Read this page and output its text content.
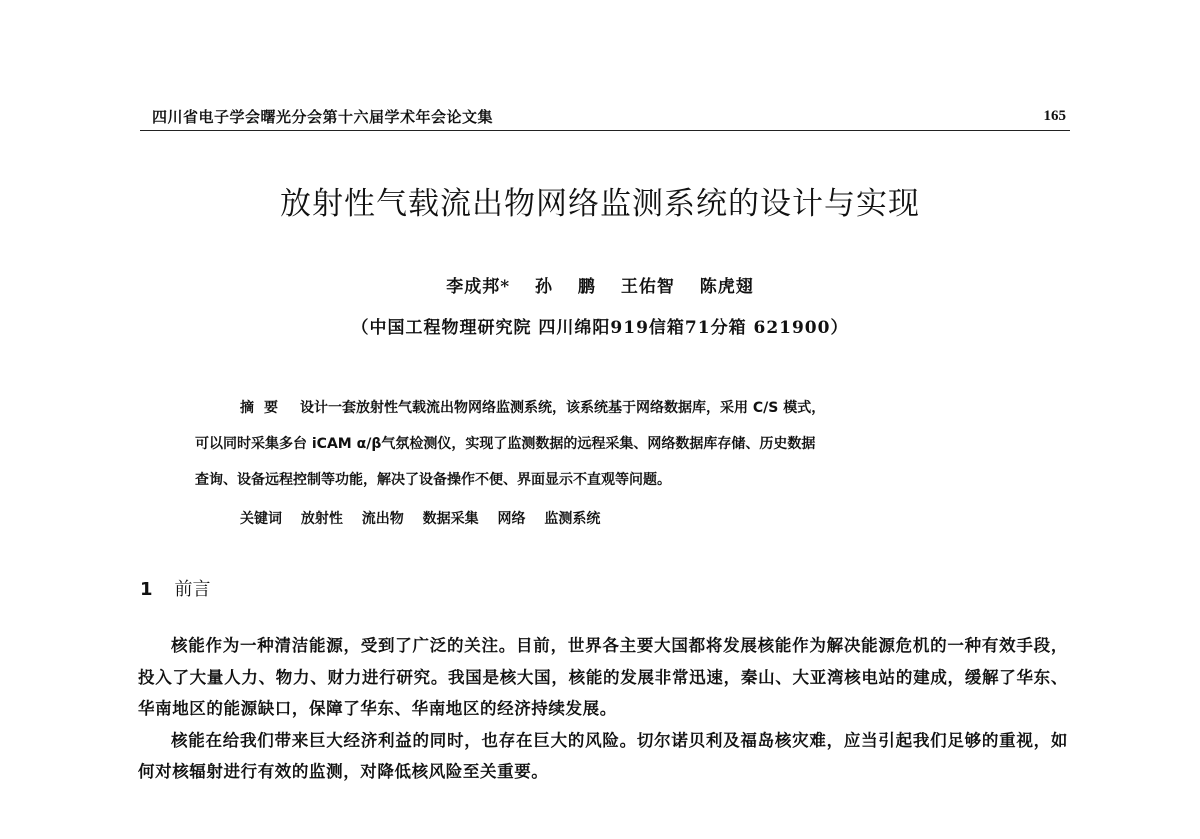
四川省电子学会曙光分会第十六届学术年会论文集	165
放射性气载流出物网络监测系统的设计与实现
李成邦* 孙 鹏 王佑智 陈虎翅
（中国工程物理研究院 四川绵阳919信箱71分箱 621900）
摘要 设计一套放射性气载流出物网络监测系统，该系统基于网络数据库，采用 C/S 模式，
可以同时采集多台 iCAM α/β气氛检测仪，实现了监测数据的远程采集、网络数据库存储、历史数据
查询、设备远程控制等功能，解决了设备操作不便、界面显示不直观等问题。
关键词 放射性 流出物 数据采集 网络 监测系统
1 前言

核能作为一种清洁能源，受到了广泛的关注。目前，世界各主要大国都将发展核能作为解决能源危机的一种有效手段，投入了大量人力、物力、财力进行研究。我国是核大国，核能的发展非常迅速，秦山、大亚湾核电站的建成，缓解了华东、华南地区的能源缺口，保障了华东、华南地区的经济持续发展。

核能在给我们带来巨大经济利益的同时，也存在巨大的风险。切尔诺贝利及福岛核灾难，应当引起我们足够的重视，如何对核辐射进行有效的监测，对降低核风险至关重要。
